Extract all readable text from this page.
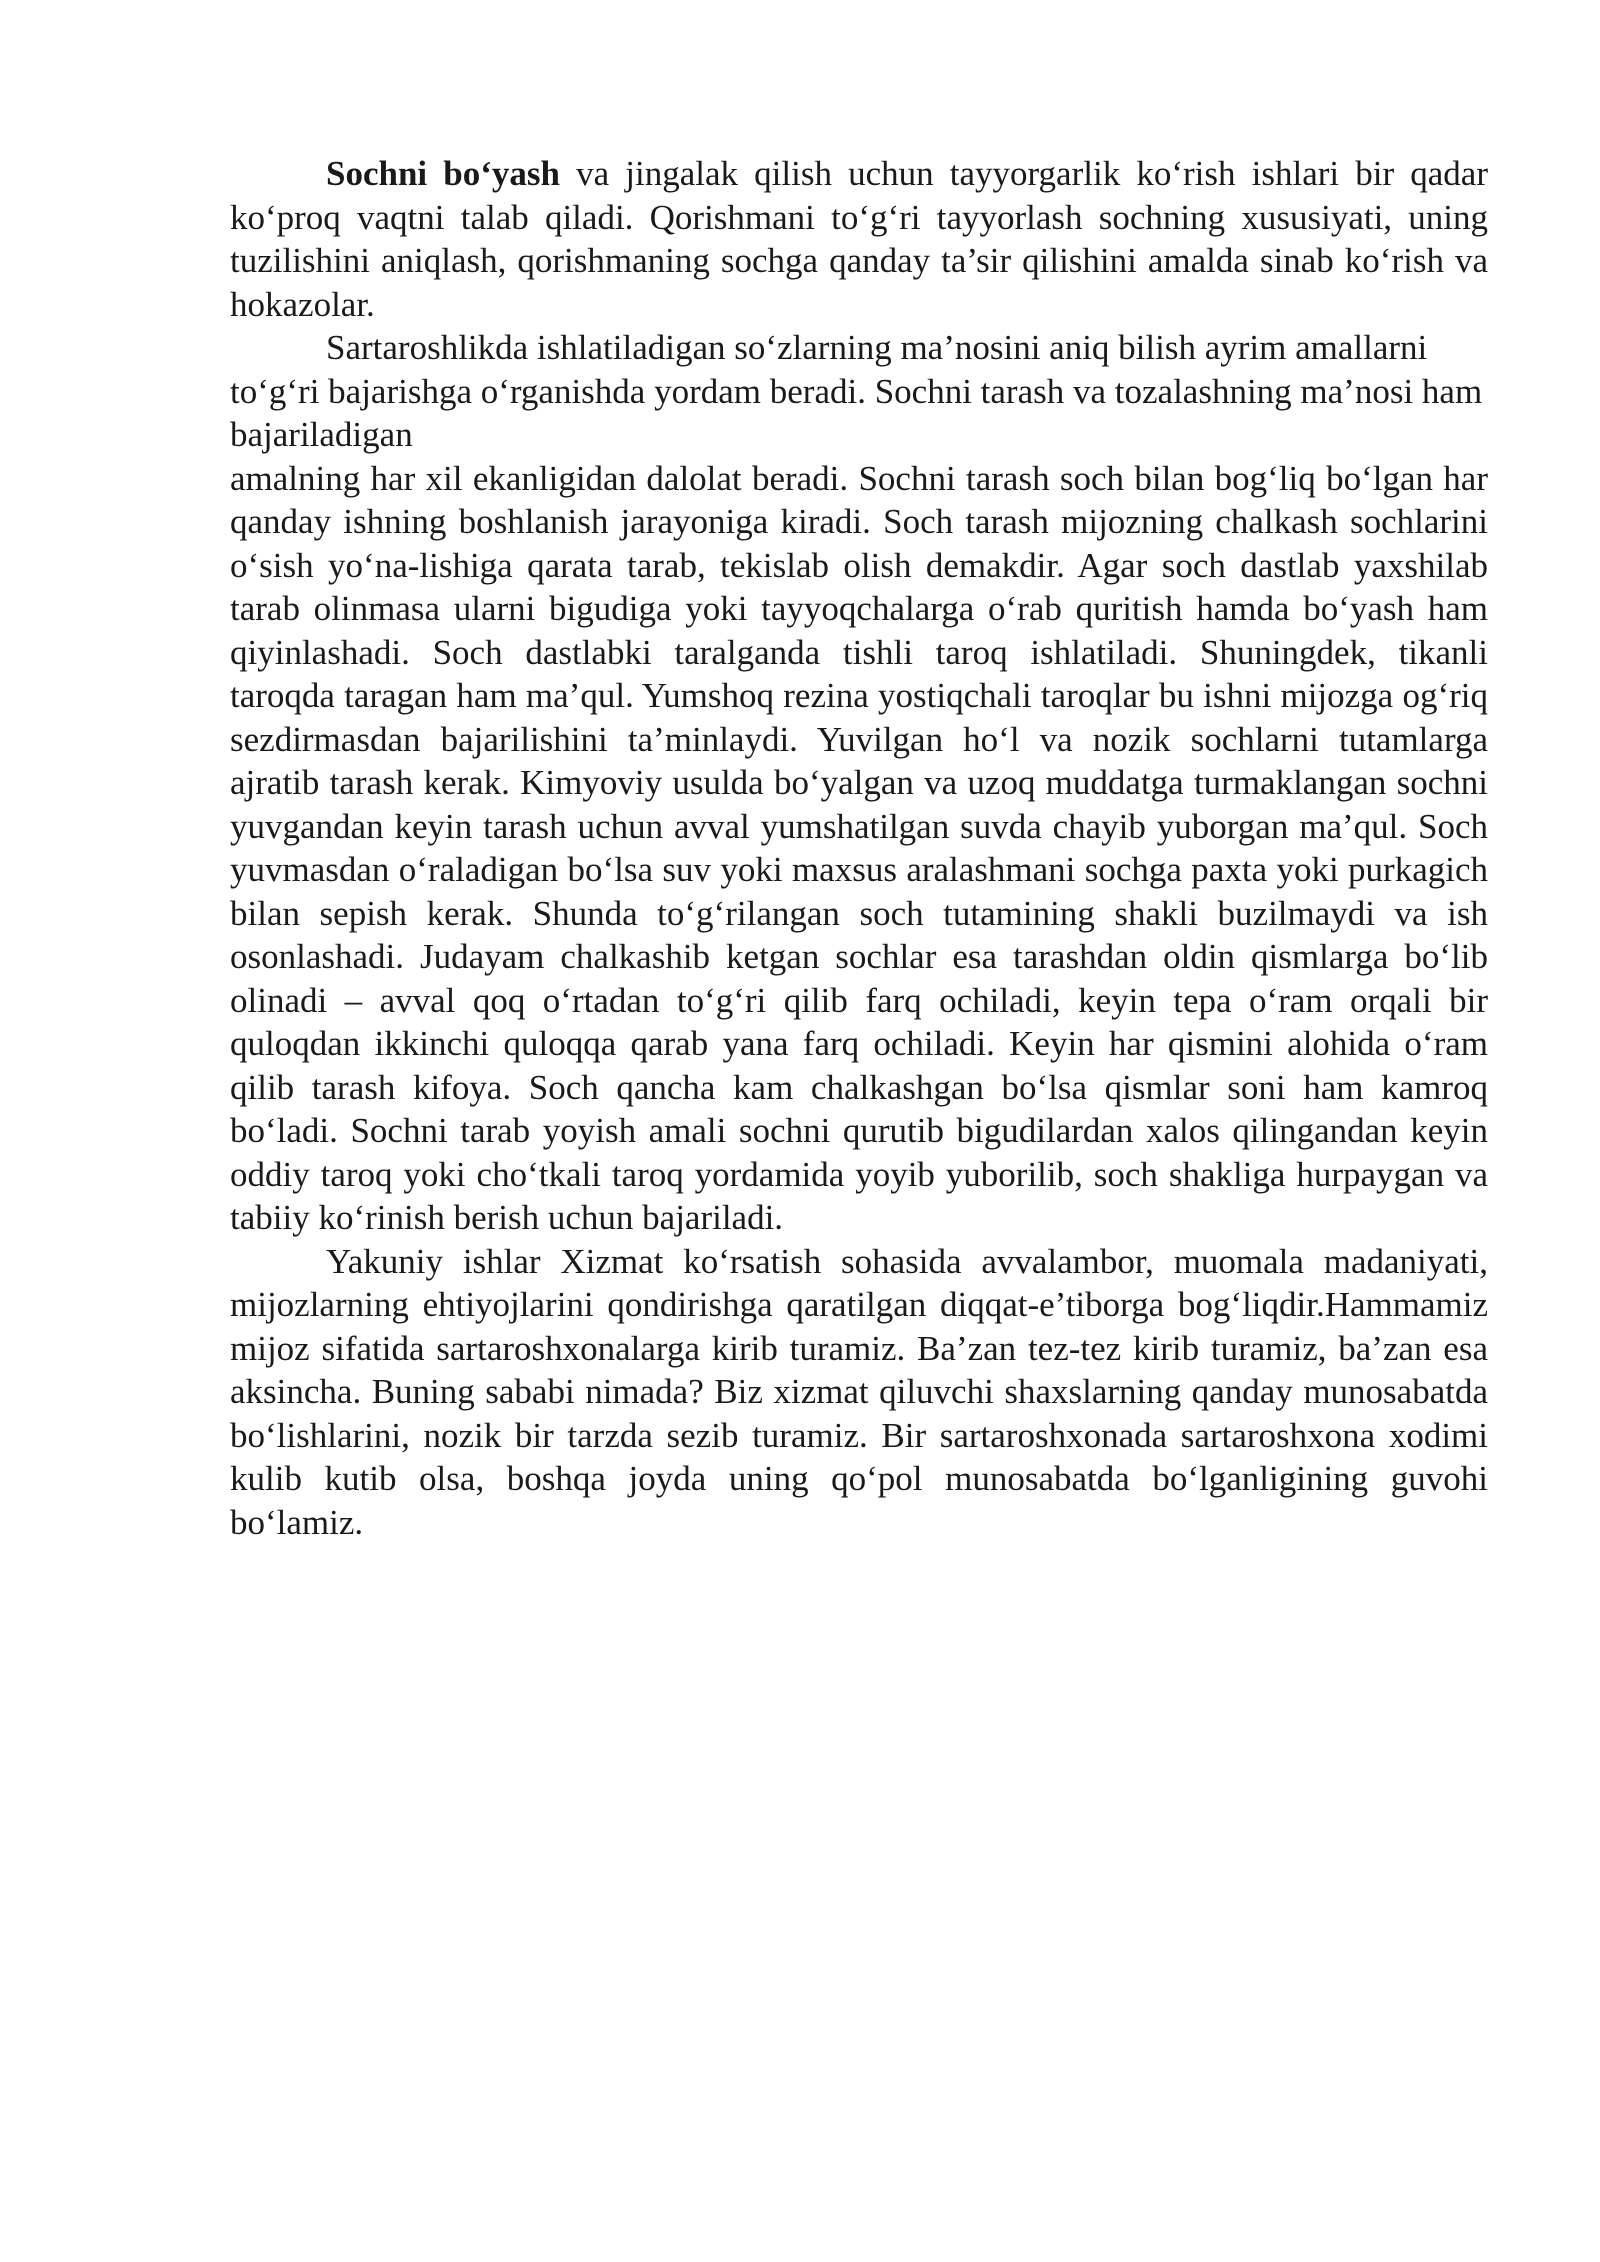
Sochni bo‘yash va jingalak qilish uchun tayyorgarlik ko‘rish ishlari bir qadar ko‘proq vaqtni talab qiladi. Qorishmani to‘g‘ri tayyorlash sochning xususiyati, uning tuzilishini aniqlash, qorishmaning sochga qanday ta’sir qilishini amalda sinab ko‘rish va hokazolar.

Sartaroshlikda ishlatiladigan so‘zlarning ma’nosini aniq bilish ayrim amallarni to‘g‘ri bajarishga o‘rganishda yordam beradi. Sochni tarash va tozalashning ma’nosi ham bajariladigan

amalning har xil ekanligidan dalolat beradi. Sochni tarash soch bilan bog‘liq bo‘lgan har qanday ishning boshlanish jarayoniga kiradi. Soch tarash mijozning chalkash sochlarini o‘sish yo‘na-lishiga qarata tarab, tekislab olish demakdir. Agar soch dastlab yaxshilab tarab olinmasa ularni bigudiga yoki tayyoqchalarga o‘rab quritish hamda bo‘yash ham qiyinlashadi. Soch dastlabki taralganda tishli taroq ishlatiladi. Shuningdek, tikanli taroqda taragan ham ma’qul. Yumshoq rezina yostiqchali taroqlar bu ishni mijozga og‘riq sezdirmasdan bajarilishini ta’minlaydi. Yuvilgan ho‘l va nozik sochlarni tutamlarga ajratib tarash kerak. Kimyoviy usulda bo‘yalgan va uzoq muddatga turmaklangan sochni yuvgandan keyin tarash uchun avval yumshatilgan suvda chayib yuborgan ma’qul. Soch yuvmasdan o‘raladigan bo‘lsa suv yoki maxsus aralashmani sochga paxta yoki purkagich bilan sepish kerak. Shunda to‘g‘rilangan soch tutamining shakli buzilmaydi va ish osonlashadi. Judayam chalkashib ketgan sochlar esa tarashdan oldin qismlarga bo‘lib olinadi – avval qoq o‘rtadan to‘g‘ri qilib farq ochiladi, keyin tepa o‘ram orqali bir quloqdan ikkinchi quloqqa qarab yana farq ochiladi. Keyin har qismini alohida o‘ram qilib tarash kifoya. Soch qancha kam chalkashgan bo‘lsa qismlar soni ham kamroq bo‘ladi. Sochni tarab yoyish amali sochni qurutib bigudilardan xalos qilingandan keyin oddiy taroq yoki cho‘tkali taroq yordamida yoyib yuborilib, soch shakliga hurpaygan va tabiiy ko‘rinish berish uchun bajariladi.

Yakuniy ishlar Xizmat ko‘rsatish sohasida avvalambor, muomala madaniyati, mijozlarning ehtiyojlarini qondirishga qaratilgan diqqat-e’tiborga bog‘liqdir.Hammamiz mijoz sifatida sartaroshxonalarga kirib turamiz. Ba’zan tez-tez kirib turamiz, ba’zan esa aksincha. Buning sababi nimada? Biz xizmat qiluvchi shaxslarning qanday munosabatda bo‘lishlarini, nozik bir tarzda sezib turamiz. Bir sartaroshxonada sartaroshxona xodimi kulib kutib olsa, boshqa joyda uning qo‘pol munosabatda bo‘lganligining guvohi bo‘lamiz.
